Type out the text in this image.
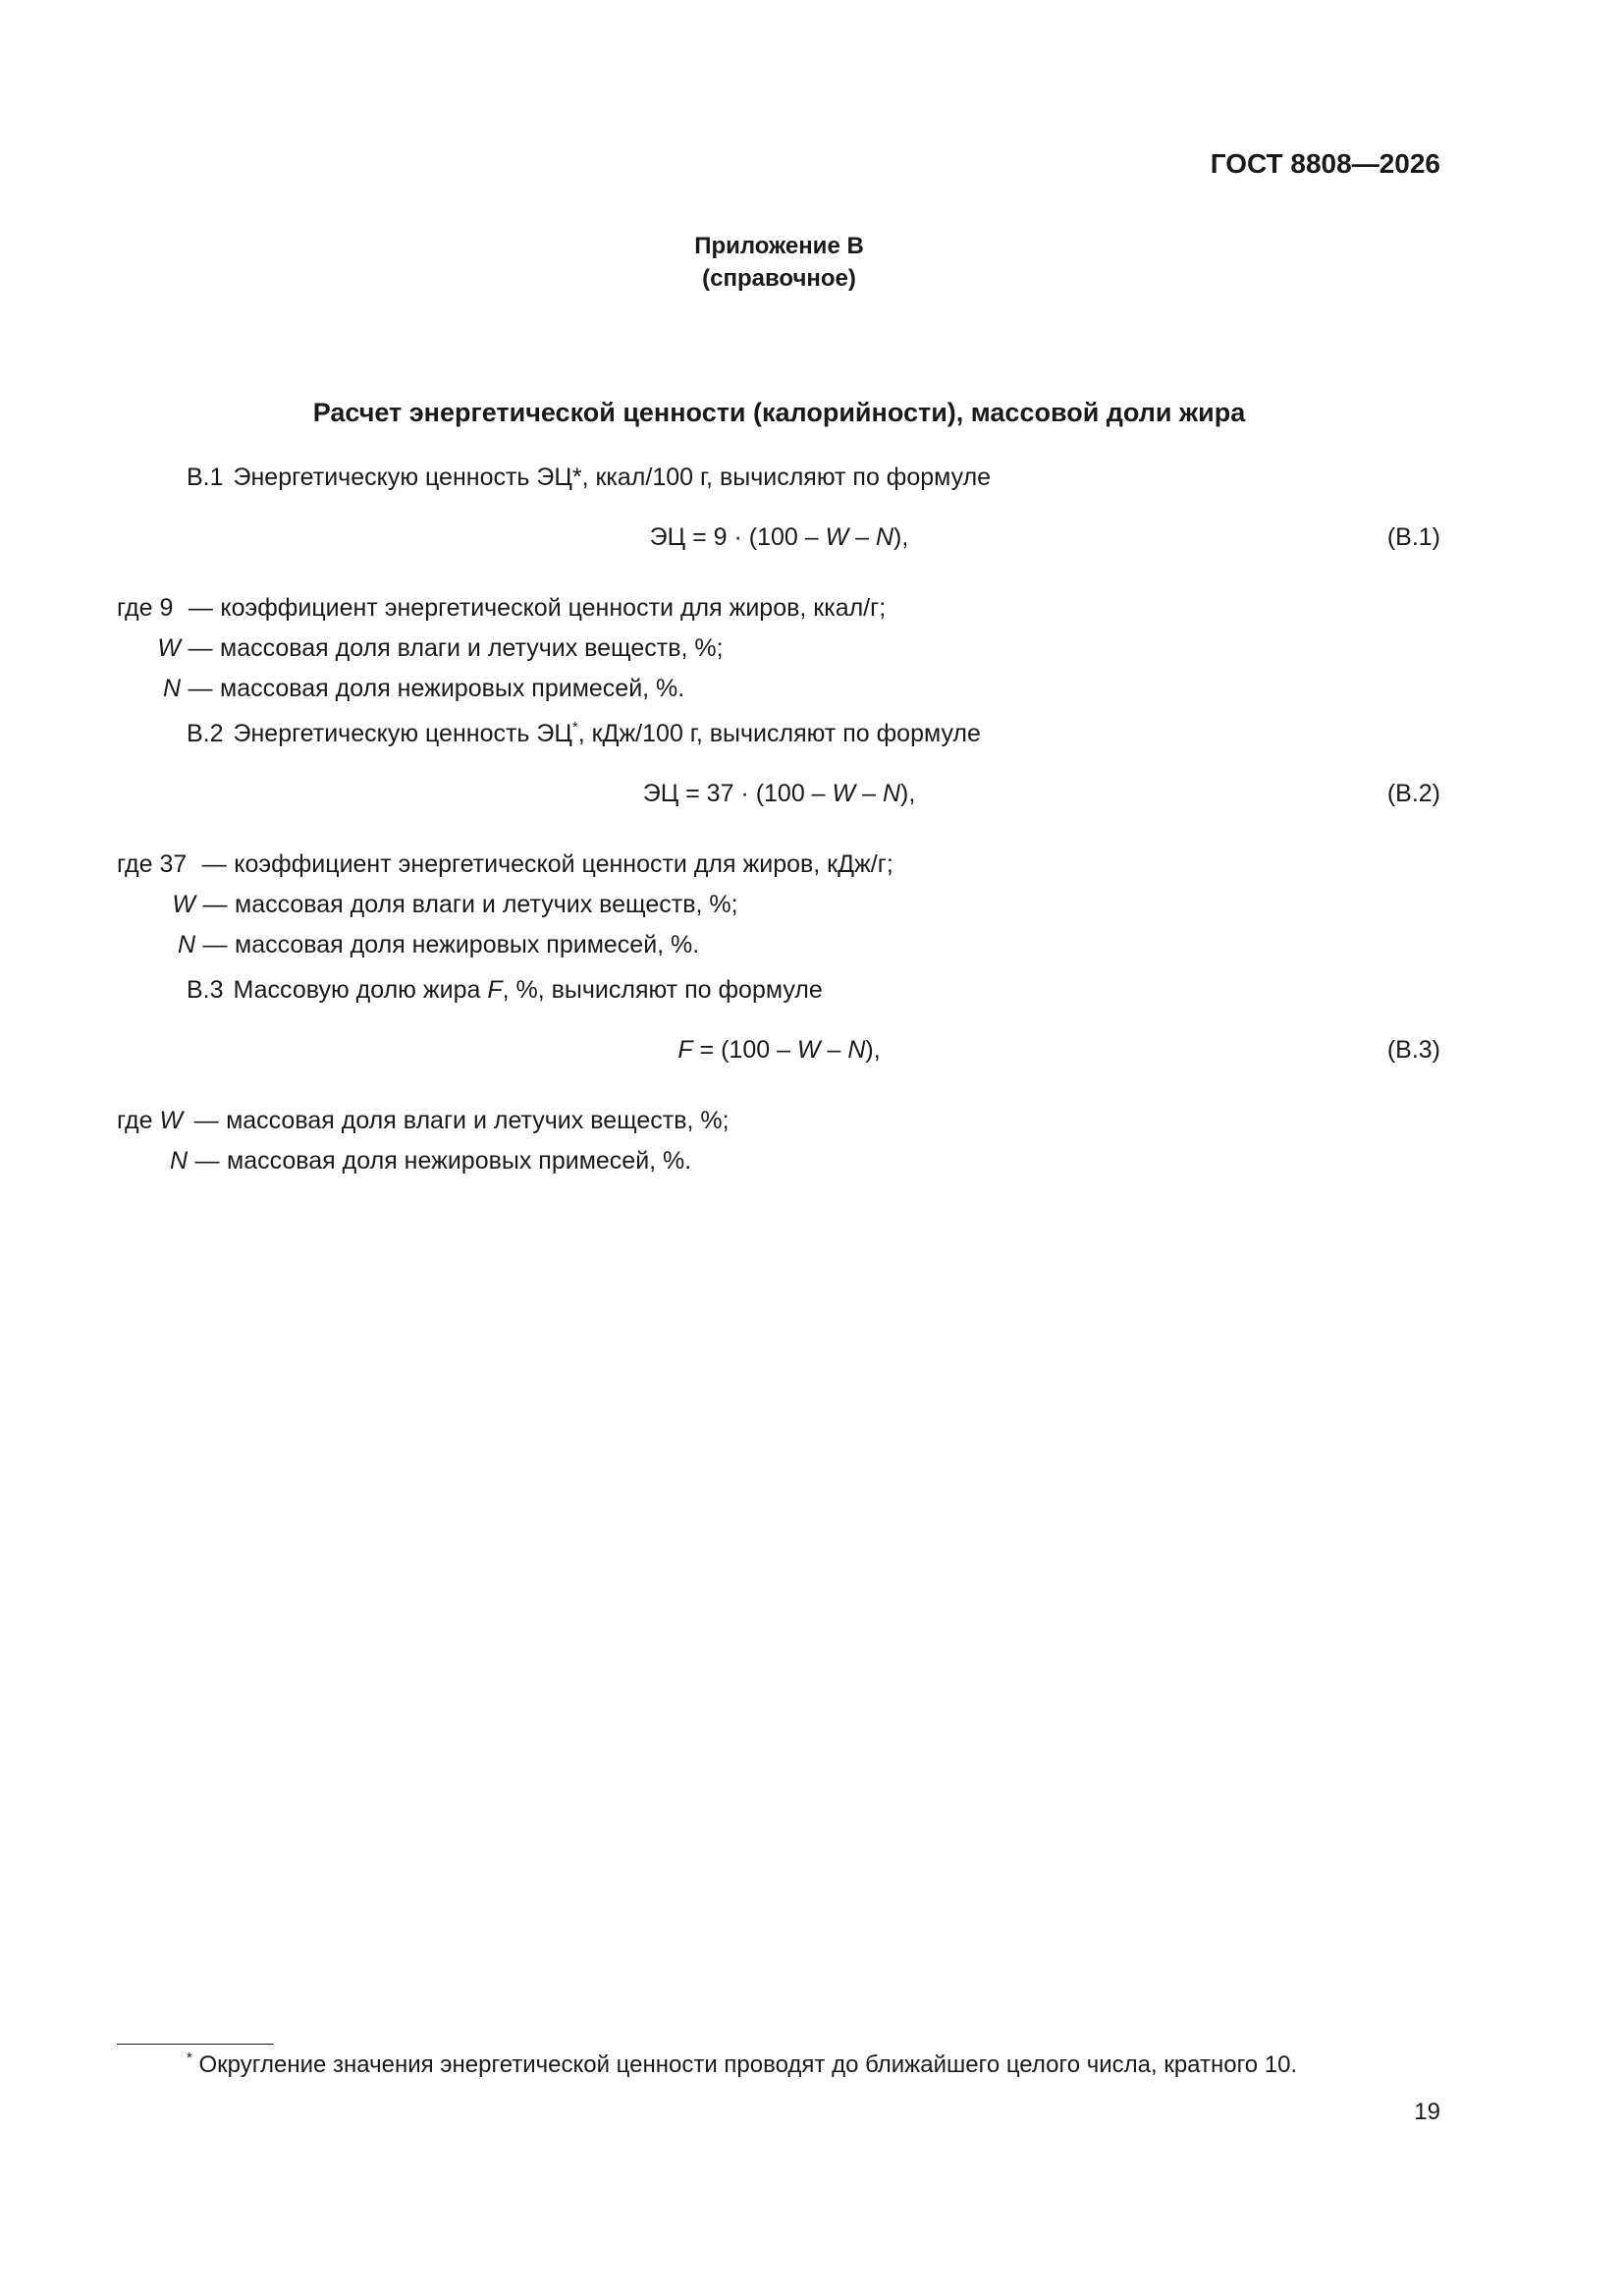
ГОСТ 8808—2026
Приложение В
(справочное)
Расчет энергетической ценности (калорийности), массовой доли жира
В.1 Энергетическую ценность ЭЦ*, ккал/100 г, вычисляют по формуле
ЭЦ = 9 · (100 – W – N),	(В.1)
где 9 — коэффициент энергетической ценности для жиров, ккал/г;
W — массовая доля влаги и летучих веществ, %;
N — массовая доля нежировых примесей, %.
В.2 Энергетическую ценность ЭЦ*, кДж/100 г, вычисляют по формуле
ЭЦ = 37 · (100 – W – N),	(В.2)
где 37 — коэффициент энергетической ценности для жиров, кДж/г;
W — массовая доля влаги и летучих веществ, %;
N — массовая доля нежировых примесей, %.
В.3 Массовую долю жира F, %, вычисляют по формуле
F = (100 – W – N),	(В.3)
где W — массовая доля влаги и летучих веществ, %;
N — массовая доля нежировых примесей, %.
* Округление значения энергетической ценности проводят до ближайшего целого числа, кратного 10.
19
